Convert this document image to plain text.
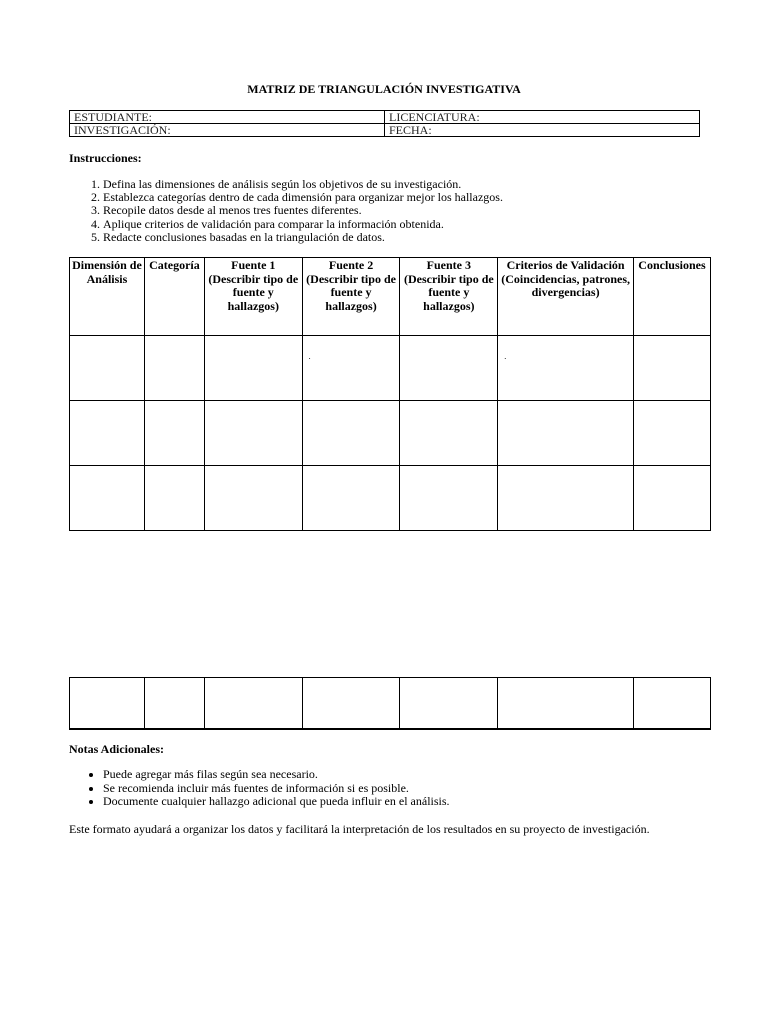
MATRIZ DE TRIANGULACIÓN INVESTIGATIVA
ESTUDIANTE:	LICENCIATURA:
INVESTIGACIÓN:	FECHA:
Instrucciones:
1. Defina las dimensiones de análisis según los objetivos de su investigación.
2. Establezca categorías dentro de cada dimensión para organizar mejor los hallazgos.
3. Recopile datos desde al menos tres fuentes diferentes.
4. Aplique criterios de validación para comparar la información obtenida.
5. Redacte conclusiones basadas en la triangulación de datos.
Dimensión de Análisis	Categoría	Fuente 1 (Describir tipo de fuente y hallazgos)	Fuente 2 (Describir tipo de fuente y hallazgos)	Fuente 3 (Describir tipo de fuente y hallazgos)	Criterios de Validación (Coincidencias, patrones, divergencias)	Conclusiones
			.		.	

Notas Adicionales:
• Puede agregar más filas según sea necesario.
• Se recomienda incluir más fuentes de información si es posible.
• Documente cualquier hallazgo adicional que pueda influir en el análisis.
Este formato ayudará a organizar los datos y facilitará la interpretación de los resultados en su proyecto de investigación.
